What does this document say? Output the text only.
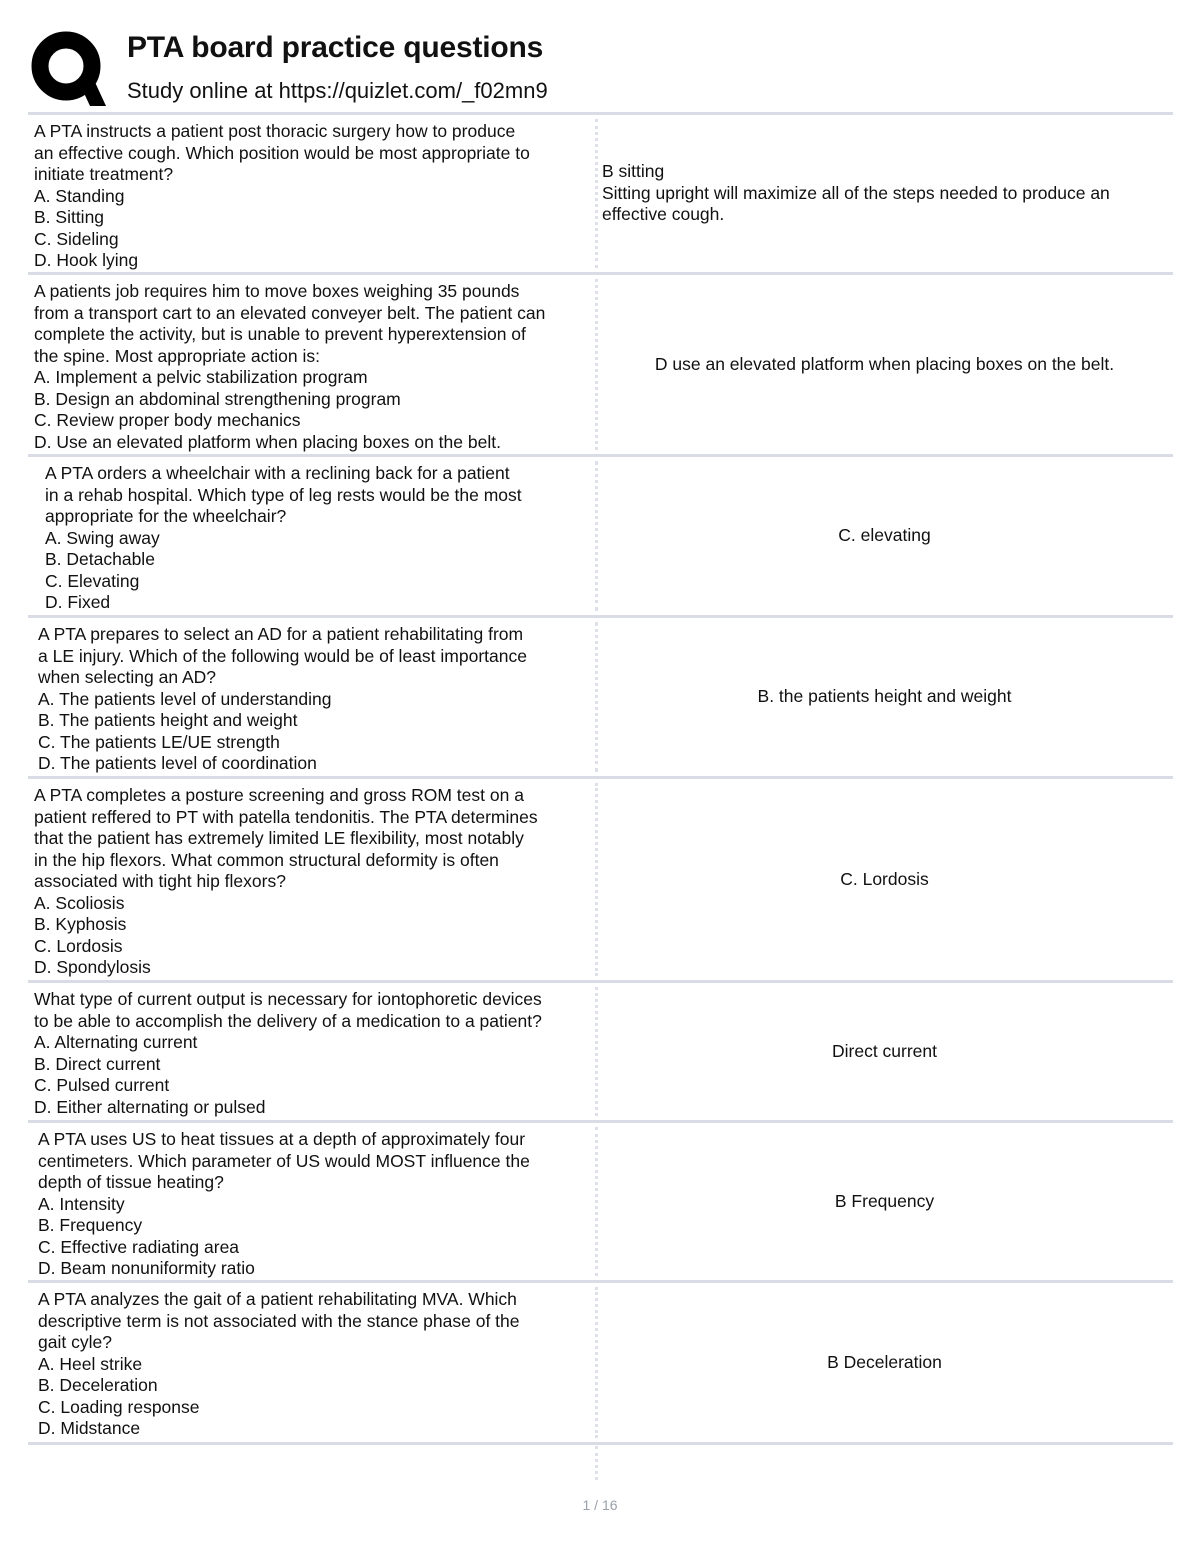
PTA board practice questions
Study online at https://quizlet.com/_f02mn9
A PTA instructs a patient post thoracic surgery how to produce
an effective cough. Which position would be most appropriate to
initiate treatment?
A. Standing
B. Sitting
C. Sideling
D. Hook lying
B sitting
Sitting upright will maximize all of the steps needed to produce an
effective cough.
A patients job requires him to move boxes weighing 35 pounds
from a transport cart to an elevated conveyer belt. The patient can
complete the activity, but is unable to prevent hyperextension of
the spine. Most appropriate action is:
A. Implement a pelvic stabilization program
B. Design an abdominal strengthening program
C. Review proper body mechanics
D. Use an elevated platform when placing boxes on the belt.
D use an elevated platform when placing boxes on the belt.
A PTA orders a wheelchair with a reclining back for a patient
in a rehab hospital. Which type of leg rests would be the most
appropriate for the wheelchair?
A. Swing away
B. Detachable
C. Elevating
D. Fixed
C. elevating
A PTA prepares to select an AD for a patient rehabilitating from
a LE injury. Which of the following would be of least importance
when selecting an AD?
A. The patients level of understanding
B. The patients height and weight
C. The patients LE/UE strength
D. The patients level of coordination
B. the patients height and weight
A PTA completes a posture screening and gross ROM test on a
patient reffered to PT with patella tendonitis. The PTA determines
that the patient has extremely limited LE flexibility, most notably
in the hip flexors. What common structural deformity is often
associated with tight hip flexors?
A. Scoliosis
B. Kyphosis
C. Lordosis
D. Spondylosis
C. Lordosis
What type of current output is necessary for iontophoretic devices
to be able to accomplish the delivery of a medication to a patient?
A. Alternating current
B. Direct current
C. Pulsed current
D. Either alternating or pulsed
Direct current
A PTA uses US to heat tissues at a depth of approximately four
centimeters. Which parameter of US would MOST influence the
depth of tissue heating?
A. Intensity
B. Frequency
C. Effective radiating area
D. Beam nonuniformity ratio
B Frequency
A PTA analyzes the gait of a patient rehabilitating MVA. Which
descriptive term is not associated with the stance phase of the
gait cyle?
A. Heel strike
B. Deceleration
C. Loading response
D. Midstance
B Deceleration
1 / 16
